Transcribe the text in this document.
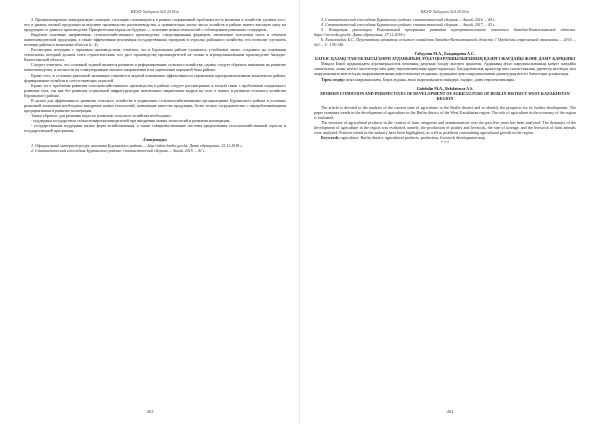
ВКЗФ Хабарши №4 2018ж

3. Проанализировать конкурентную позицию, ситуацию сложившуюся в рамках сопряженной проблемы из-за нехватки в хозяйстве уровень того, что в рамках мелкой продукции вследствие производство растениеводства, а сравнительно малое число хозяйств в районе имеют высокую цену на продукцию от данного производства. Приоритетная задача на будущее — освоение новых технологий с соблюдением рыночных стандартов.

Выделим основные направления: сельскохозяйственного производства, стимулирования фермеров, увеличение поголовья скота и объемов животноводческой продукции, а также эффективная реализация государственных программ в отраслях районного хозяйства, что позволит улучшить позиции района в экономике области (с. 4).

Рассмотрим ситуацию с зерновым производством, отметим, что в Бурлинском районе сложилось устойчивое звено, созданное на основании технологии, который должен стать стратегическим, что даст производству производителей не только в агропромышленном производстве Западно-Казахстанской области.

Следует отметить, что основной задачей является развитие и реформирование сельского хозяйства, однако следует обратить внимание на развитие животноводства, в частности на стимулирование мясного направления и на укрепление кормовой базы района.

Кроме того, в условиях рыночной экономики становится задачей повышение эффективности управления агропромышленным комплексом района, формирование хозяйств и сопутствующих отраслей.

Кроме того, проблемы развития сельскохозяйственного производства в районе следует рассматривать в тесной связи с проблемами социального развития села, так как без развития социальной инфраструктуры невозможно закрепление кадров на селе, а значит и развитие сельского хозяйства Бурлинского района.

В целом для эффективного развития сельского хозяйства в управлении сельскохозяйственными организациями Бурлинского района в условиях рыночной экономики необходимо внедрение новых технологий, повышение качества продукции, более тесное сотрудничество с перерабатывающими предприятиями и развитие кооперации.

Таким образом, для решения задач по развитию сельского хозяйства необходимо:

- поддержка государством сельхозтоваропроизводителей при внедрении новых технологий и развитии кооперации;

- государственная поддержка малых форм хозяйствования, а также совершенствование системы кредитования сельскохозяйственной отрасли и государственной программы.

Литература:

1. Официальный интернет-ресурс акимата Бурлинского района — http://akim-burlin.gov.kz. Дата обращения: 23.11.2018 г.

2. Статистический ежегодник Бурлинского района: статистический сборник. – Аксай, 2015. – 41 с.

463
ВКЗФ Хабарши №4 2018ж

3. Статистический ежегодник Бурлинского района: статистический сборник. – Аксай, 2016. – 44 с.

4. Статистический ежегодник Бурлинского района: статистический сборник. – Аксай, 2017. – 43 с.

5. Концепция реализации Региональной программы развития агропромышленного комплекса Западно-Казахстанской области. https://www.zko.gov.kz. Дата обращения: 27.11.2018 г.

6. Есенгельдин Б.С. Перспективы развития сельского хозяйства Западно-Казахстанской области // Проблемы современной экономики. – 2016. – №1. – С. 136-140.

Габдулин М.А., Бекдаирова А.С.
БАТЫС ҚАЗАҚСТАН ОБЛЫСЫ БӨРЛІ АУДАНЫНЫҢ АУЫЛ ШАРУАШЫЛЫҒЫНЫҢ ҚАЗІРГІ ЖАҒДАЙЫ ЖӘНЕ ДАМУ ҚАРҚЫНЫ

Мақала Бөрлі ауданындағы агроөнеркәсіптік кешеннің дамуына талдау жасауға арналған. Ауданның ауыл шаруашылығының қазіргі жағдайы сипатталып, оның негізгі мәселелері мен даму перспективалары қарастырылады. Бағдарламалық құжаттар мен статистикалық деректер негізінде мал шаруашылығы мен өсімдік шаруашылығының көрсеткіштері талданып, аудандағы ауыл шаруашылығын дамытудың негізгі бағыттары ұсынылады.

Тірек сөздер: ауыл шаруашылығы, Бөрлі ауданы, ауыл шаруашылығы өнімдері, өндіріс, даму перспективалары.

Gabdulin M.A., Bekdairova A.S.
MODERN CONDITION AND PERSPECTIVES OF DEVELOPMENT OF AGRICULTURE OF BURLIN DISTRICT WEST KAZAKHSTAN REGION

The article is devoted to the analysis of the current state of agriculture in the Burlin district and to identify the prospects for its further development. The paper examines trends in the development of agriculture in the Burlin district of the West Kazakhstan region. The role of agriculture in the economy of the region is evaluated.

The structure of agricultural products in the context of farm categories and seminormative over the past five years has been analyzed. The dynamics of the development of agriculture in the region was evaluated, namely, the production of poultry and livestock, the size of acreage, and the livestock of farm animals were analyzed. Positive trends in the industry have been highlighted, as well as problems constraining agricultural growth in the region.

Keywords: agriculture, Burlin district, agricultural products, production, livestock development map.

* * *
464
